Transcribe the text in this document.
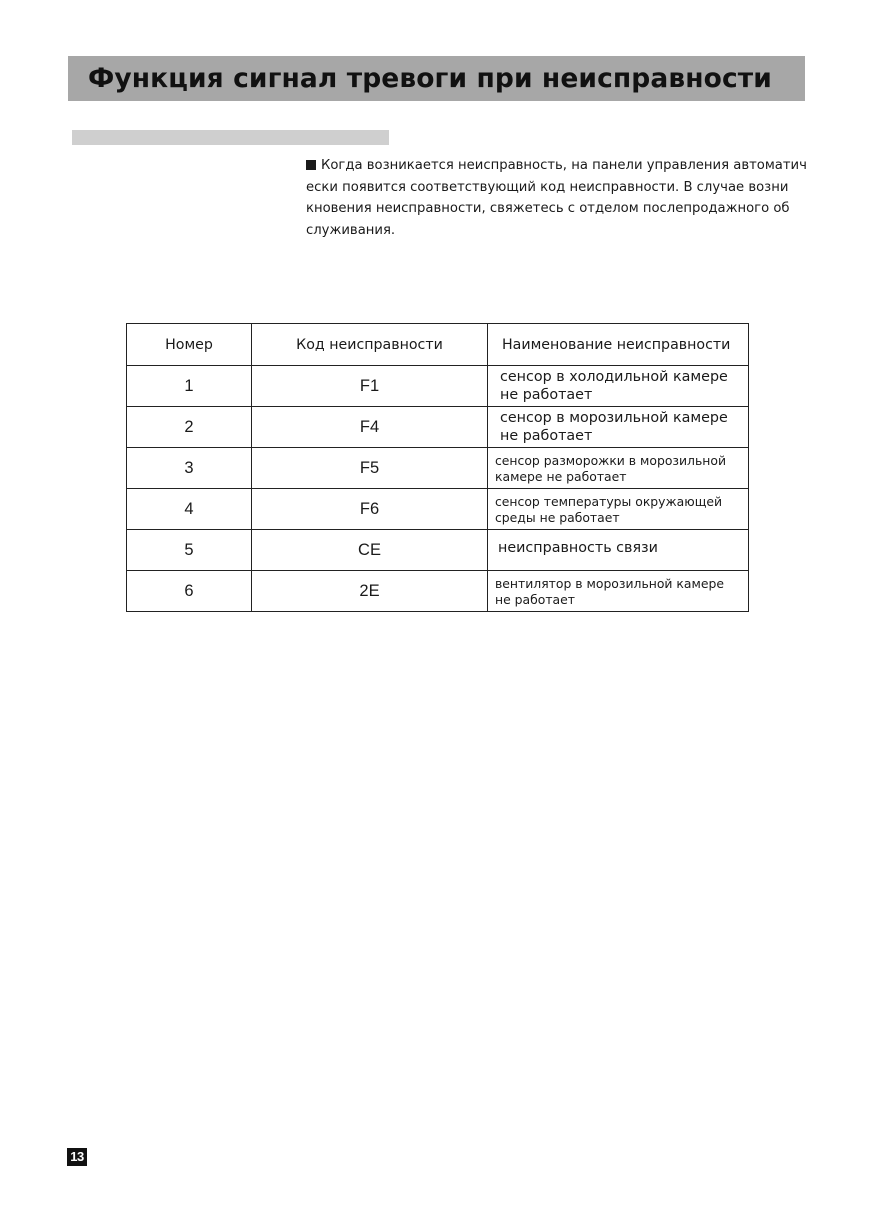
Функция сигнал тревоги при неисправности
Когда возникается неисправность, на панели управления автоматич
ески появится соответствующий код неисправности. В случае возни
кновения неисправности, свяжетесь с отделом послепродажного об
служивания.
Номер	Код неисправности	Наименование неисправности
1	F1	сенсор в холодильной камере
не работает

2	F4	сенсор в морозильной камере
не работает

3	F5	сенсор разморожки в морозильной
камере не работает

4	F6	сенсор температуры окружающей
среды не работает

5	CE	неисправность связи

6	2E	вентилятор в морозильной камере
не работает
13
